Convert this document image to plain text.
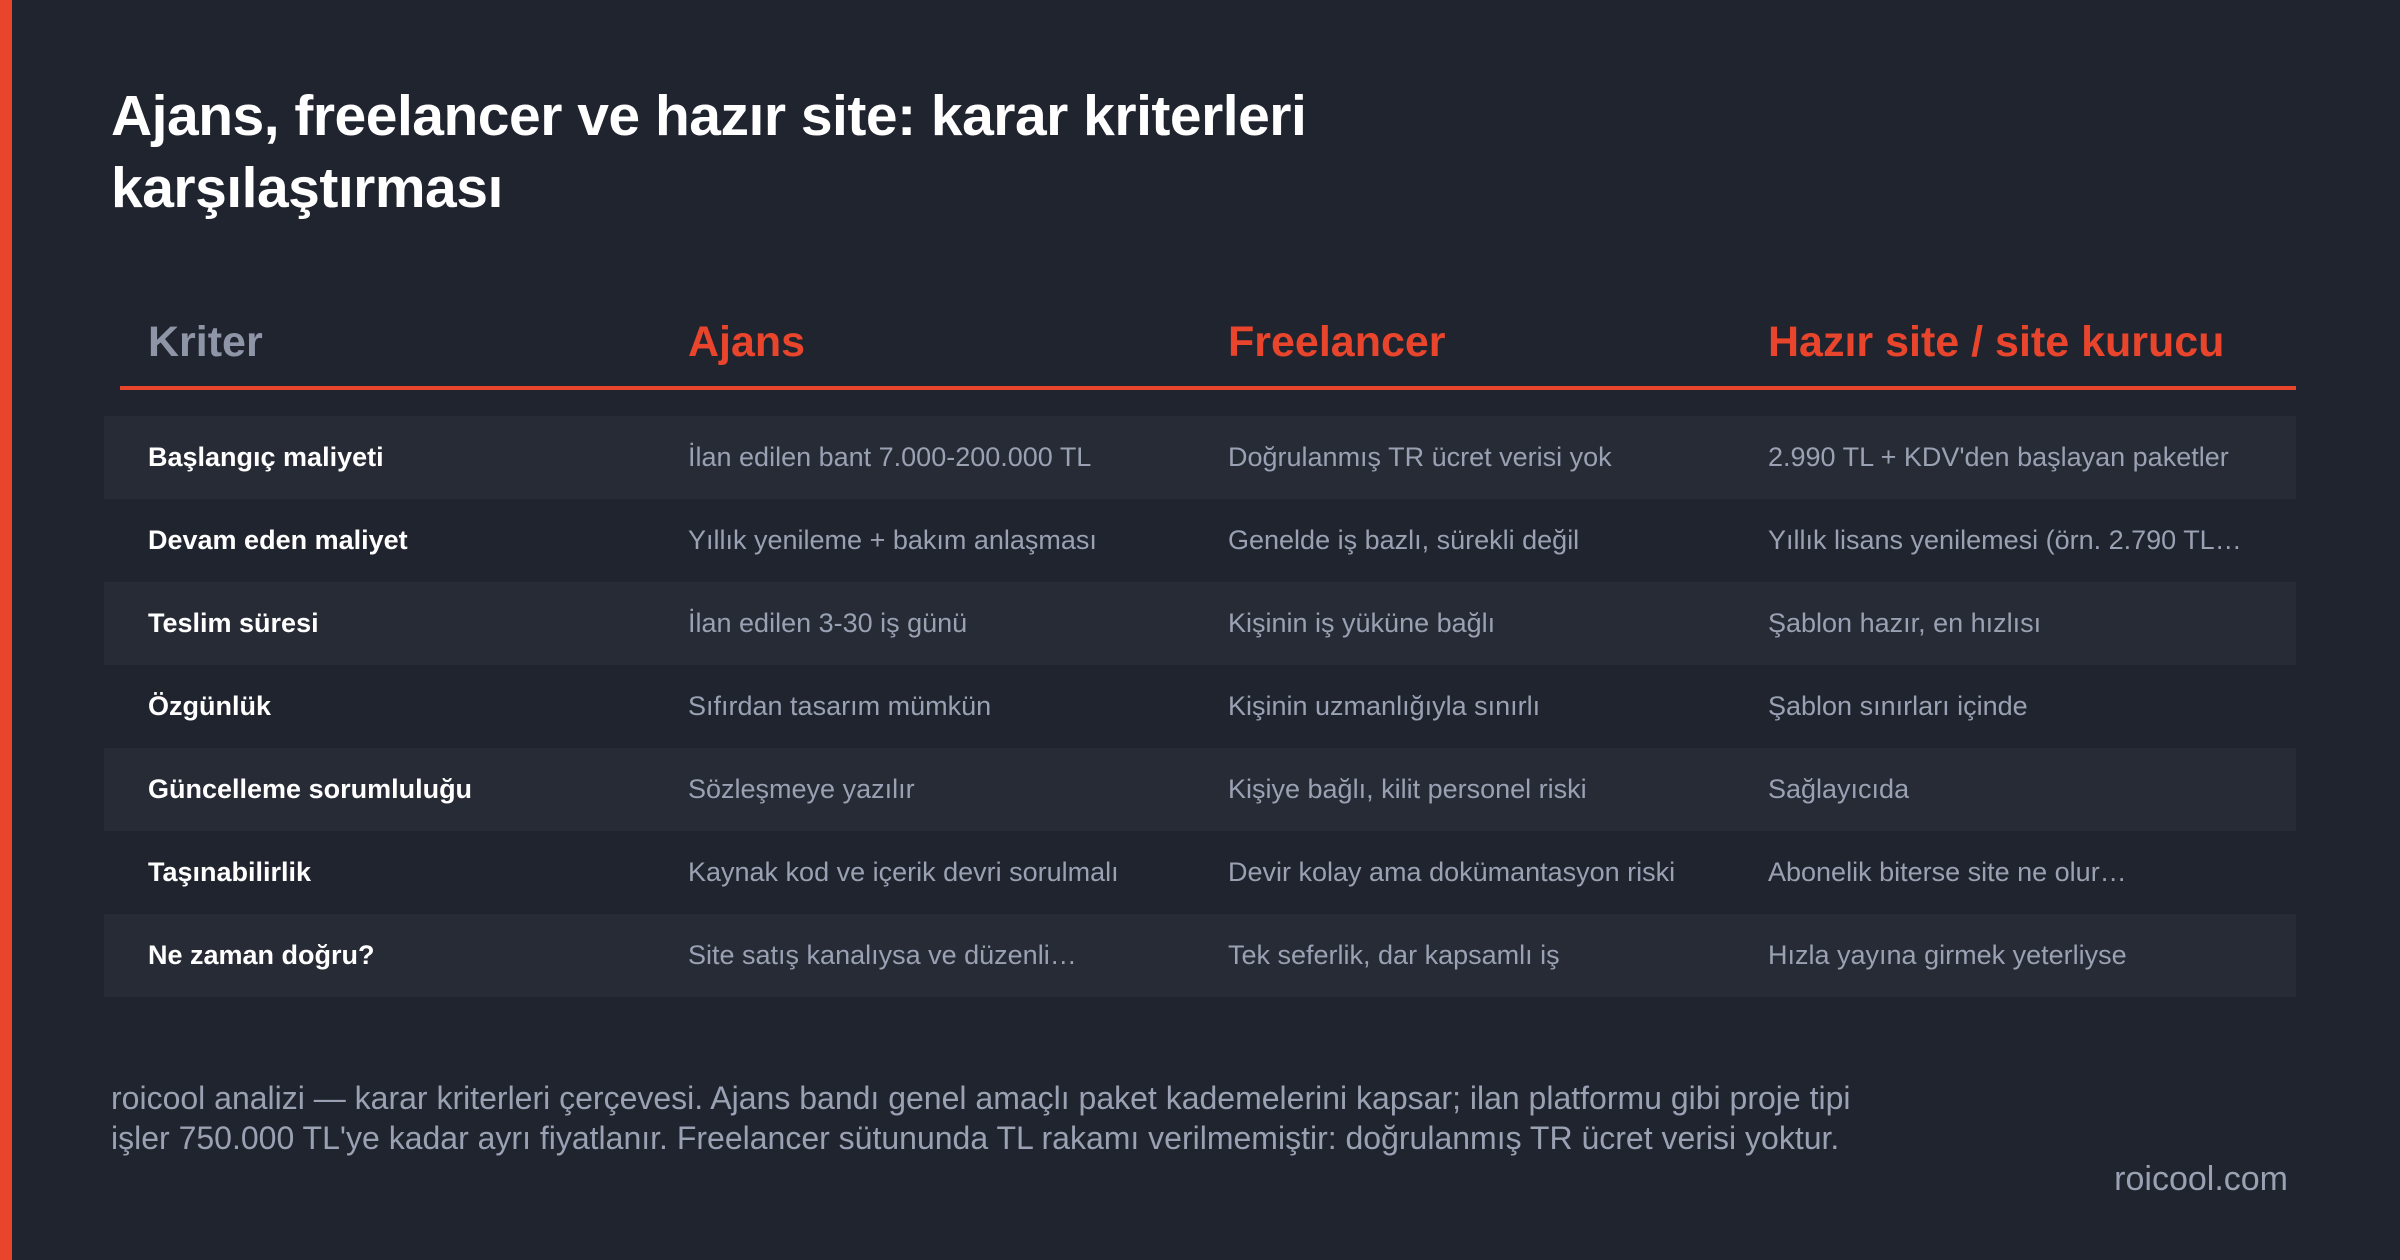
Ajans, freelancer ve hazır site: karar kriterleri karşılaştırması
Kriter	Ajans	Freelancer	Hazır site / site kurucu
Başlangıç maliyeti	İlan edilen bant 7.000-200.000 TL	Doğrulanmış TR ücret verisi yok	2.990 TL + KDV'den başlayan paketler
Devam eden maliyet	Yıllık yenileme + bakım anlaşması	Genelde iş bazlı, sürekli değil	Yıllık lisans yenilemesi (örn. 2.790 TL…
Teslim süresi	İlan edilen 3-30 iş günü	Kişinin iş yüküne bağlı	Şablon hazır, en hızlısı
Özgünlük	Sıfırdan tasarım mümkün	Kişinin uzmanlığıyla sınırlı	Şablon sınırları içinde
Güncelleme sorumluluğu	Sözleşmeye yazılır	Kişiye bağlı, kilit personel riski	Sağlayıcıda
Taşınabilirlik	Kaynak kod ve içerik devri sorulmalı	Devir kolay ama dokümantasyon riski	Abonelik biterse site ne olur…
Ne zaman doğru?	Site satış kanalıysa ve düzenli…	Tek seferlik, dar kapsamlı iş	Hızla yayına girmek yeterliyse

roicool analizi — karar kriterleri çerçevesi. Ajans bandı genel amaçlı paket kademelerini kapsar; ilan platformu gibi proje tipi işler 750.000 TL'ye kadar ayrı fiyatlanır. Freelancer sütununda TL rakamı verilmemiştir: doğrulanmış TR ücret verisi yoktur.

roicool.com
